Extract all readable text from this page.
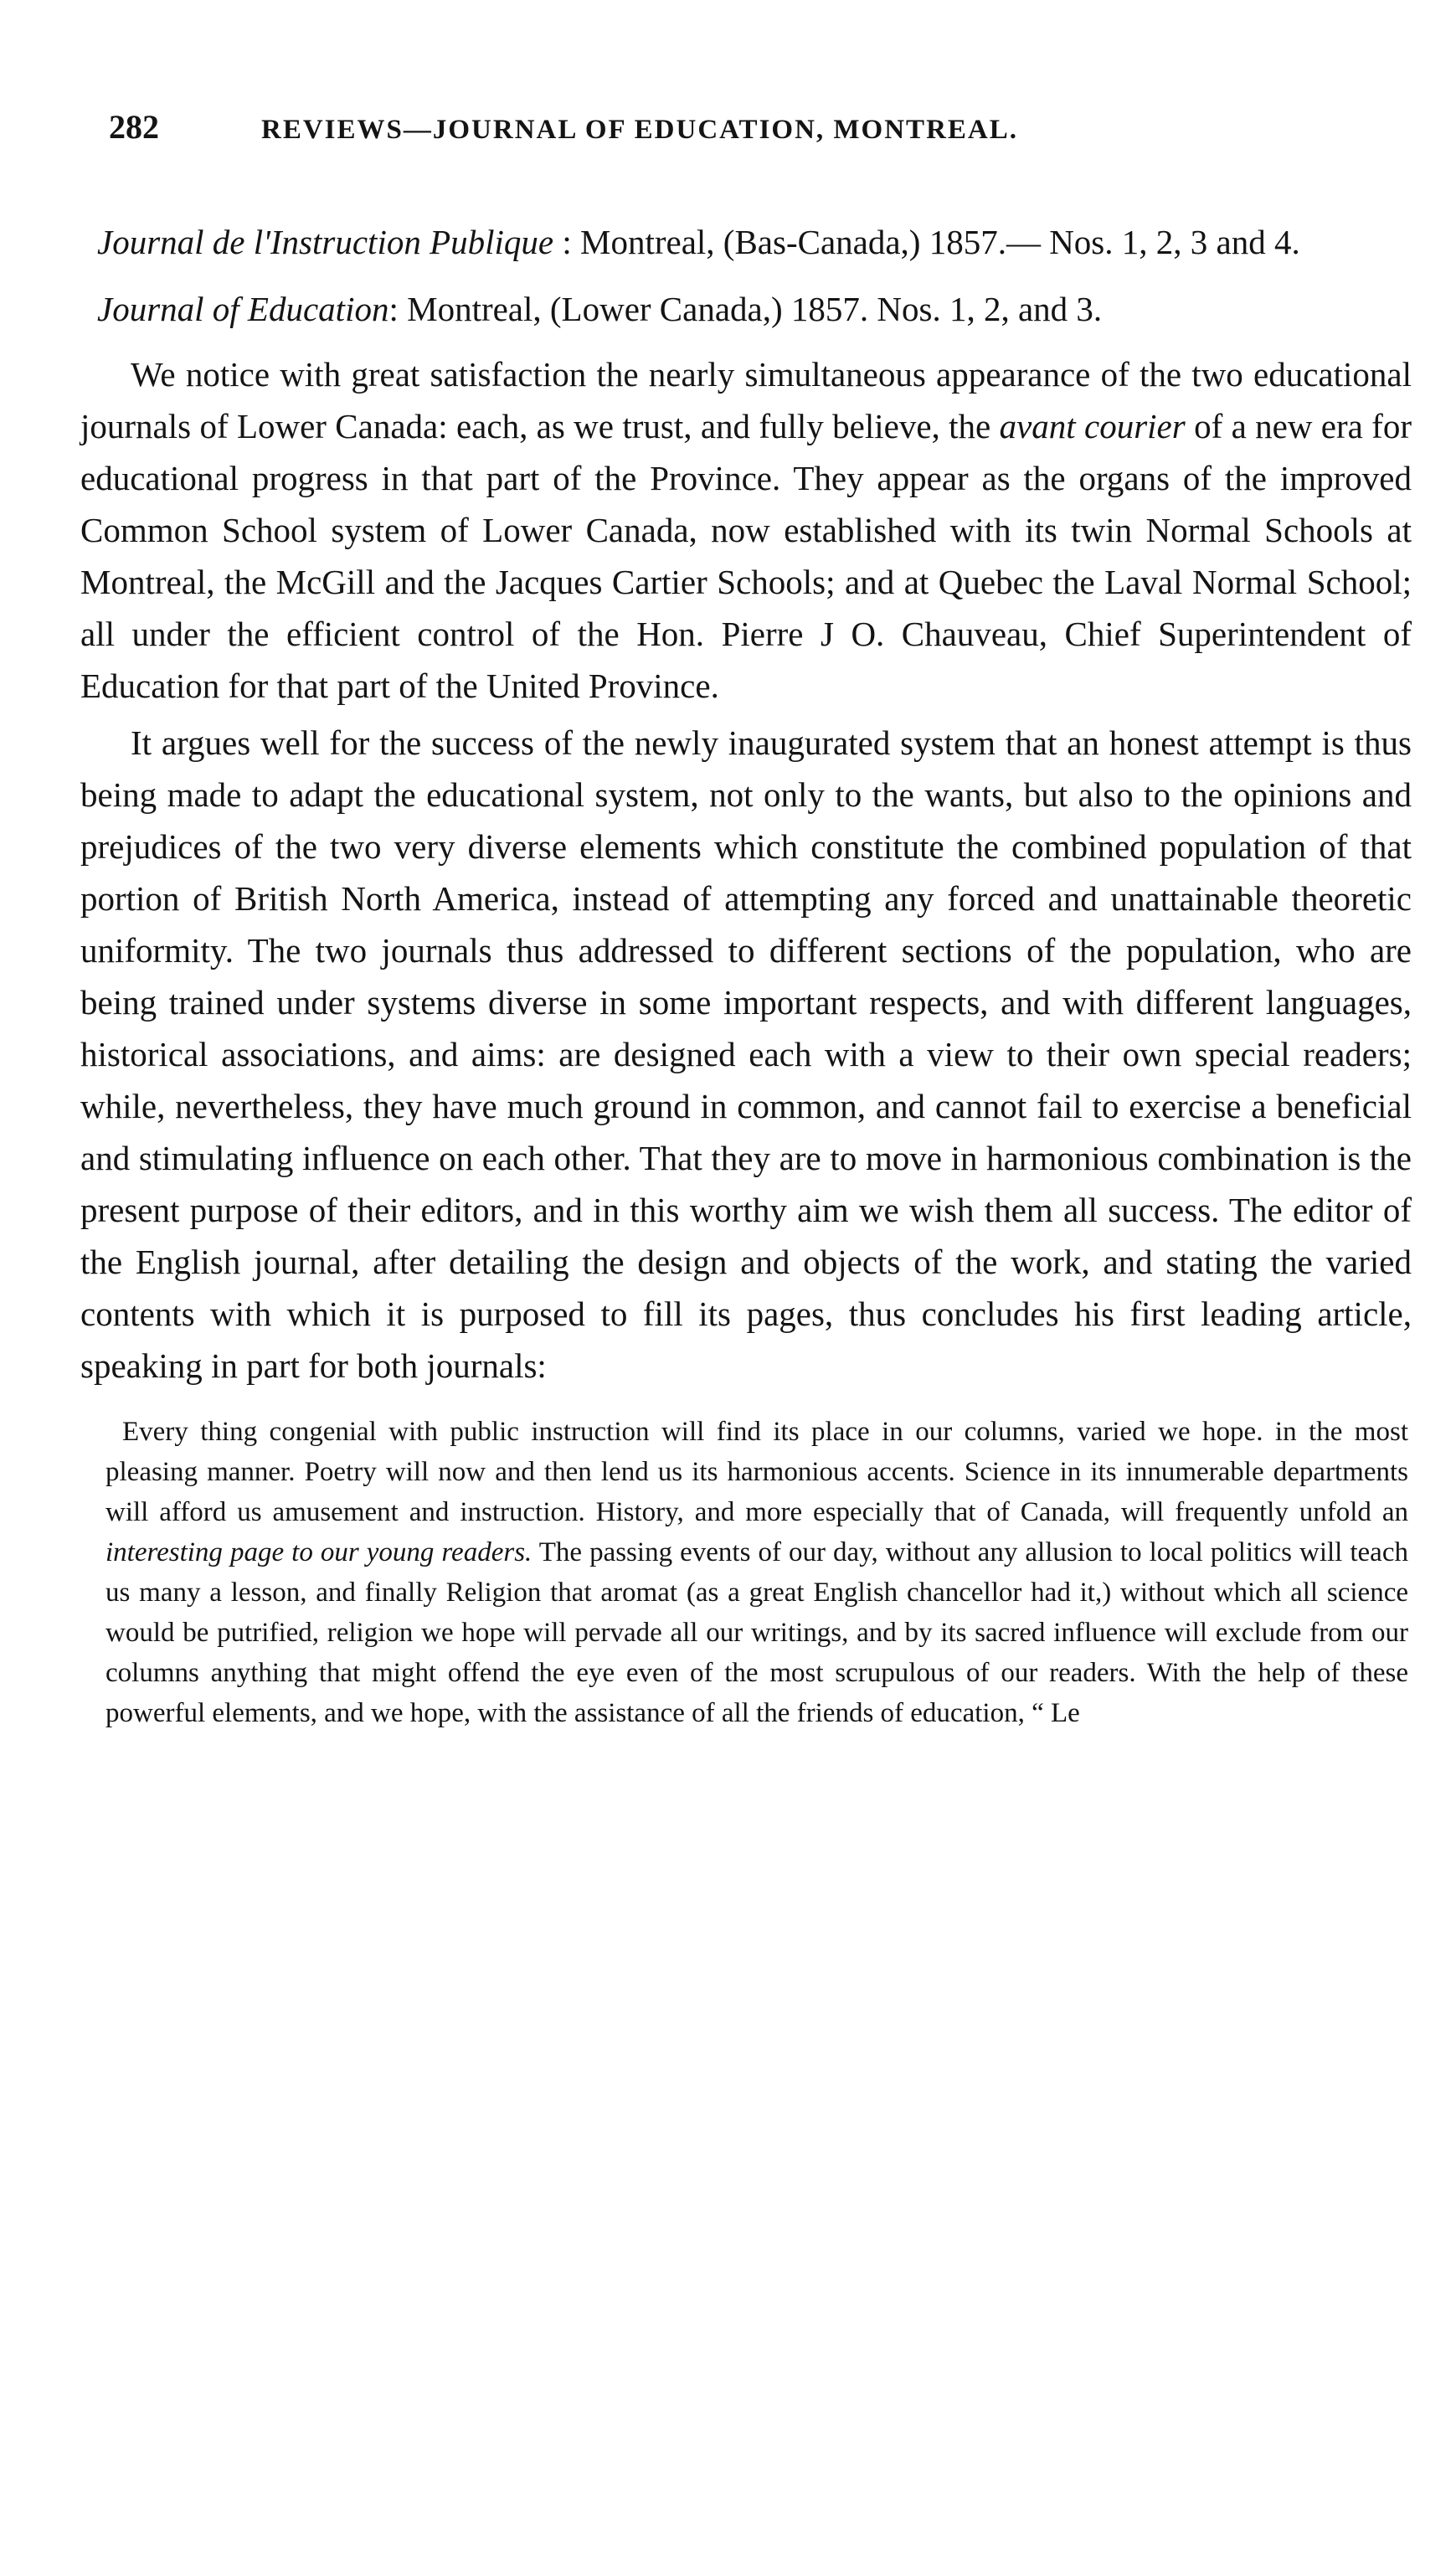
282	REVIEWS—JOURNAL OF EDUCATION, MONTREAL.

Journal de l'Instruction Publique : Montreal, (Bas-Canada,) 1857.— Nos. 1, 2, 3 and 4.

Journal of Education: Montreal, (Lower Canada,) 1857. Nos. 1, 2, and 3.

We notice with great satisfaction the nearly simultaneous appearance of the two educational journals of Lower Canada: each, as we trust, and fully believe, the avant courier of a new era for educational progress in that part of the Province. They appear as the organs of the improved Common School system of Lower Canada, now established with its twin Normal Schools at Montreal, the McGill and the Jacques Cartier Schools; and at Quebec the Laval Normal School; all under the efficient control of the Hon. Pierre J O. Chauveau, Chief Superintendent of Education for that part of the United Province.

It argues well for the success of the newly inaugurated system that an honest attempt is thus being made to adapt the educational system, not only to the wants, but also to the opinions and prejudices of the two very diverse elements which constitute the combined population of that portion of British North America, instead of attempting any forced and unattainable theoretic uniformity. The two journals thus addressed to different sections of the population, who are being trained under systems diverse in some important respects, and with different languages, historical associations, and aims: are designed each with a view to their own special readers; while, nevertheless, they have much ground in common, and cannot fail to exercise a beneficial and stimulating influence on each other. That they are to move in harmonious combination is the present purpose of their editors, and in this worthy aim we wish them all success. The editor of the English journal, after detailing the design and objects of the work, and stating the varied contents with which it is purposed to fill its pages, thus concludes his first leading article, speaking in part for both journals:

Every thing congenial with public instruction will find its place in our columns, varied we hope. in the most pleasing manner. Poetry will now and then lend us its harmonious accents. Science in its innumerable departments will afford us amusement and instruction. History, and more especially that of Canada, will frequently unfold an interesting page to our young readers. The passing events of our day, without any allusion to local politics will teach us many a lesson, and finally Religion that aromat (as a great English chancellor had it,) without which all science would be putrified, religion we hope will pervade all our writings, and by its sacred influence will exclude from our columns anything that might offend the eye even of the most scrupulous of our readers. With the help of these powerful elements, and we hope, with the assistance of all the friends of education, “ Le
